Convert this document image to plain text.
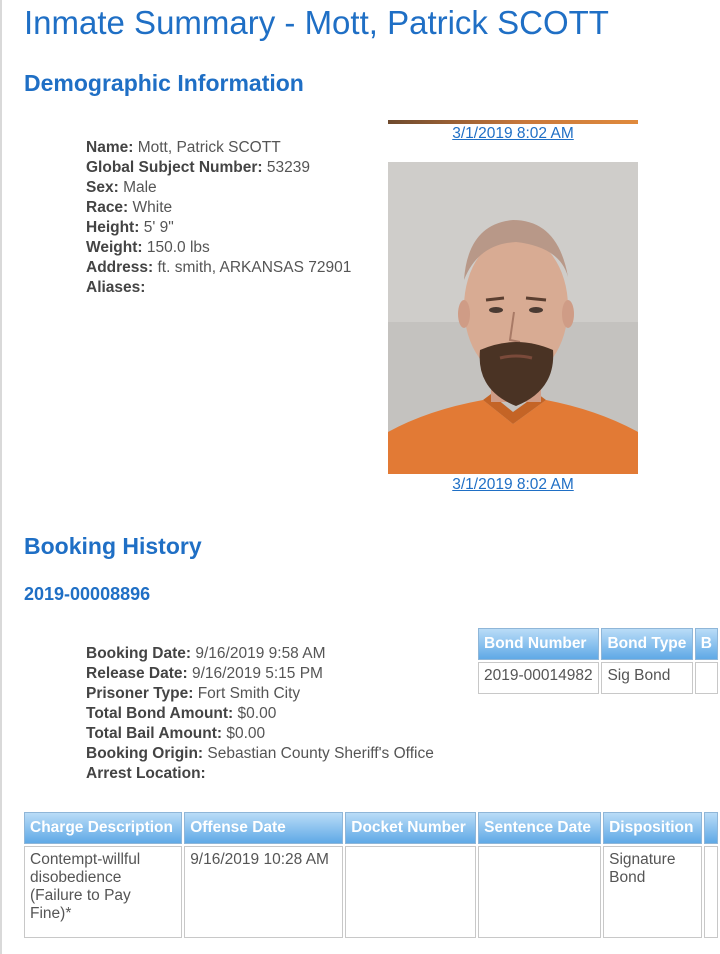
Inmate Summary - Mott, Patrick SCOTT
Demographic Information
Name: Mott, Patrick SCOTT
Global Subject Number: 53239
Sex: Male
Race: White
Height: 5' 9"
Weight: 150.0 lbs
Address: ft. smith, ARKANSAS 72901
Aliases:
3/1/2019 8:02 AM
3/1/2019 8:02 AM
Booking History
2019-00008896
Booking Date: 9/16/2019 9:58 AM
Release Date: 9/16/2019 5:15 PM
Prisoner Type: Fort Smith City
Total Bond Amount: $0.00
Total Bail Amount: $0.00
Booking Origin: Sebastian County Sheriff's Office
Arrest Location:
Bond Number	Bond Type	B
2019-00014982	Sig Bond	
Charge Description	Offense Date	Docket Number	Sentence Date	Disposition	
Contempt-willful disobedience (Failure to Pay Fine)*	9/16/2019 10:28 AM			Signature Bond	
